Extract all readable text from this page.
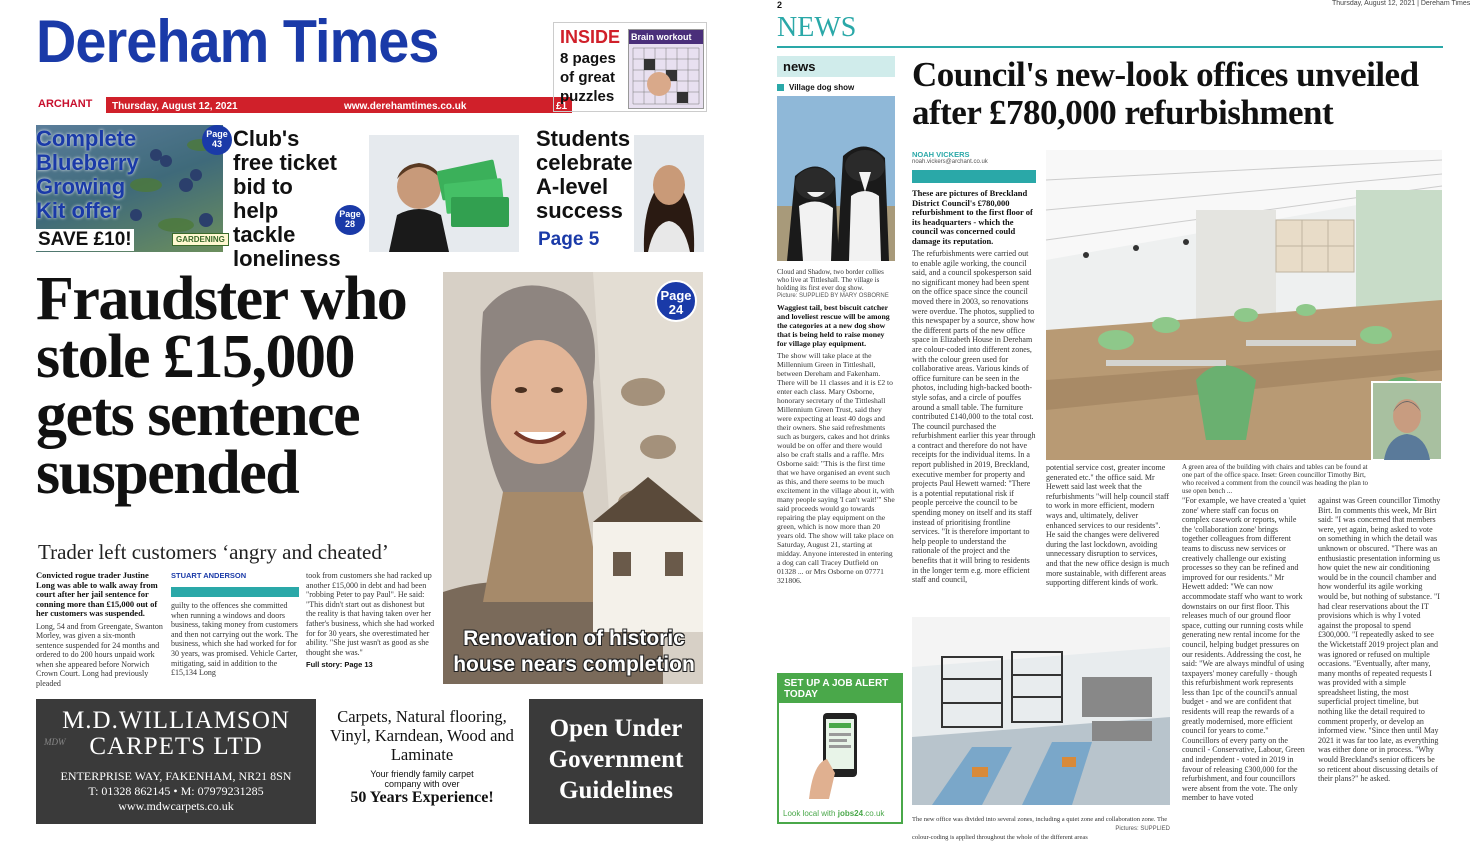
Dereham Times
ARCHANT Thursday, August 12, 2021	www.derehamtimes.co.uk	£1
INSIDE
8 pages of great puzzles
Brain workout
Complete Blueberry Growing Kit offer
SAVE £10!
Page 43
GARDENING
Club's free ticket bid to help tackle loneliness
Page 28
Students celebrate A-level success
Page 5
Fraudster who stole £15,000 gets sentence suspended
Trader left customers ‘angry and cheated’
Page 24
Renovation of historic house nears completion

Convicted rogue trader Justine Long was able to walk away from court after her jail sentence for conning more than £15,000 out of her customers was suspended.

Long, 54 and from Greengate, Swanton Morley, was given a six-month sentence suspended for 24 months and ordered to do 200 hours unpaid work when she appeared before Norwich Crown Court. Long had previously pleaded
STUART ANDERSON
guilty to the offences she committed when running a windows and doors business, taking money from customers and then not carrying out the work. The business, which she had worked for for 30 years, was promised. Vehicle Carter, mitigating, said in addition to the £15,134 Long
took from customers she had racked up another £15,000 in debt and had been "robbing Peter to pay Paul". He said: "This didn't start out as dishonest but the reality is that having taken over her father's business, which she had worked for for 30 years, she overestimated her ability. "She just wasn't as good as she thought she was."
Full story: Page 13
M.D.WILLIAMSON
CARPETS LTD
MDW
ENTERPRISE WAY, FAKENHAM, NR21 8SN
T: 01328 862145 • M: 07979231285
www.mdwcarpets.co.uk
Carpets, Natural flooring, Vinyl, Karndean, Wood and Laminate
Your friendly family carpet company with over
50 Years Experience!
Open Under Government Guidelines
2	Thursday, August 12, 2021 | Dereham Times
NEWS
news
Village dog show
Cloud and Shadow, two border collies who live at Tittleshall. The village is holding its first ever dog show.
Picture: SUPPLIED BY MARY OSBORNE

Waggiest tail, best biscuit catcher and loveliest rescue will be among the categories at a new dog show that is being held to raise money for village play equipment.

The show will take place at the Millennium Green in Tittleshall, between Dereham and Fakenham. There will be 11 classes and it is £2 to enter each class. Mary Osborne, honorary secretary of the Tittleshall Millennium Green Trust, said they were expecting at least 40 dogs and their owners. She said refreshments such as burgers, cakes and hot drinks would be on offer and there would also be craft stalls and a raffle. Mrs Osborne said: "This is the first time that we have organised an event such as this, and there seems to be much excitement in the village about it, with many people saying 'I can't wait!'" She said proceeds would go towards repairing the play equipment on the green, which is now more than 20 years old. The show will take place on Saturday, August 21, starting at midday. Anyone interested in entering a dog can call Tracey Dutfield on 01328 ... or Mrs Osborne on 07771 321806.
SET UP A JOB ALERT TODAY
Look local with jobs24.co.uk
Council's new-look offices unveiled after £780,000 refurbishment
NOAH VICKERS
noah.vickers@archant.co.uk

These are pictures of Breckland District Council's £780,000 refurbishment to the first floor of its headquarters - which the council was concerned could damage its reputation.

The refurbishments were carried out to enable agile working, the council said, and a council spokesperson said no significant money had been spent on the office space since the council moved there in 2003, so renovations were overdue. The photos, supplied to this newspaper by a source, show how the different parts of the new office space in Elizabeth House in Dereham are colour-coded into different zones, with the colour green used for collaborative areas. Various kinds of office furniture can be seen in the photos, including high-backed booth-style sofas, and a circle of pouffes around a small table. The furniture contributed £140,000 to the total cost. The council purchased the refurbishment earlier this year through a contract and therefore do not have receipts for the individual items. In a report published in 2019, Breckland, executive member for property and projects Paul Hewett warned: "There is a potential reputational risk if people perceive the council to be spending money on itself and its staff instead of prioritising frontline services. "It is therefore important to help people to understand the rationale of the project and the benefits that it will bring to residents in the longer term e.g. more efficient staff and council,
potential service cost, greater income generated etc." the office said. Mr Hewett said last week that the refurbishments "will help council staff to work in more efficient, modern ways and, ultimately, deliver enhanced services to our residents". He said the changes were delivered during the last lockdown, avoiding unnecessary disruption to services, and that the new office design is much more sustainable, with different areas supporting different kinds of work.
A green area of the building with chairs and tables can be found at one part of the office space. Inset: Green councillor Timothy Birt, who received a comment from the council was heading the plan to use open bench ...
"For example, we have created a 'quiet zone' where staff can focus on complex casework or reports, while the 'collaboration zone' brings together colleagues from different teams to discuss new services or creatively challenge our existing processes so they can be refined and improved for our residents." Mr Hewett added: "We can now accommodate staff who want to work downstairs on our first floor. This releases much of our ground floor space, cutting our running costs while generating new rental income for the council, helping budget pressures on our residents. Addressing the cost, he said: "We are always mindful of using taxpayers' money carefully - though this refurbishment work represents less than 1pc of the council's annual budget - and we are confident that residents will reap the rewards of a greatly modernised, more efficient council for years to come." Councillors of every party on the council - Conservative, Labour, Green and independent - voted in 2019 in favour of releasing £300,000 for the refurbishment, and four councillors were absent from the vote. The only member to have voted
against was Green councillor Timothy Birt. In comments this week, Mr Birt said: "I was concerned that members were, yet again, being asked to vote on something in which the detail was unknown or obscured. "There was an enthusiastic presentation informing us how quiet the new air conditioning would be in the council chamber and how wonderful its agile working would be, but nothing of substance. "I had clear reservations about the IT provisions which is why I voted against the proposal to spend £300,000. "I repeatedly asked to see the Wicketstaff 2019 project plan and was ignored or refused on multiple occasions. "Eventually, after many, many months of repeated requests I was provided with a simple spreadsheet listing, the most superficial project timeline, but nothing like the detail required to comment properly, or develop an informed view. "Since then until May 2021 it was far too late, as everything was either done or in process. "Why would Breckland's senior officers be so reticent about discussing details of their plans?" he asked.
The new office was divided into several zones, including a quiet zone and collaboration zone. The colour-coding is applied throughout the whole of the different areas
Pictures: SUPPLIED
